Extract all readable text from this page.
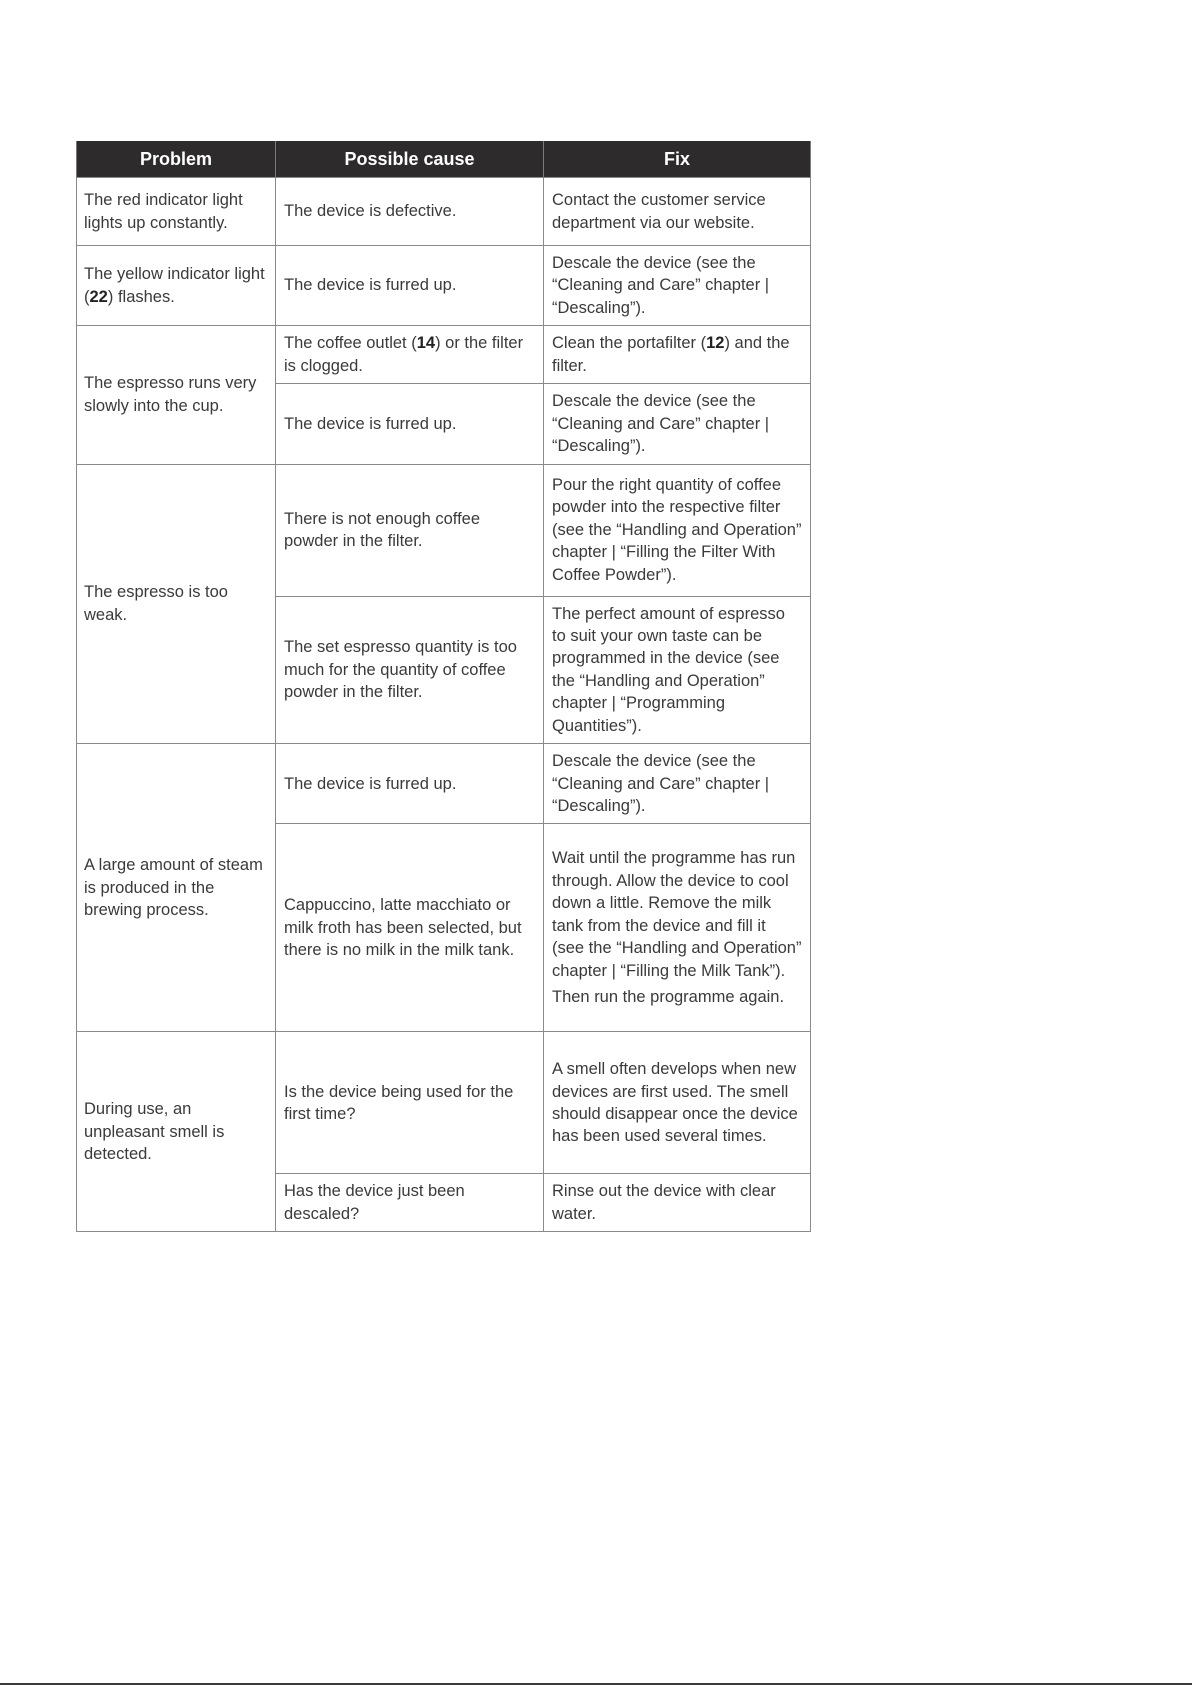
Problem	Possible cause	Fix
The red indicator light lights up constantly.	The device is defective.	Contact the customer service department via our website.

The yellow indicator light (22) flashes.	The device is furred up.	Descale the device (see the “Cleaning and Care” chapter | “Descaling”).

The espresso runs very slowly into the cup.	The coffee outlet (14) or the filter is clogged.	Clean the portafilter (12) and the filter.
	The device is furred up.	Descale the device (see the “Cleaning and Care” chapter | “Descaling”).

The espresso is too weak.	There is not enough coffee powder in the filter.	Pour the right quantity of coffee powder into the respective filter (see the “Handling and Operation” chapter | “Filling the Filter With Coffee Powder”).

	The set espresso quantity is too much for the quantity of coffee powder in the filter.	The perfect amount of espresso to suit your own taste can be programmed in the device (see the “Handling and Operation” chapter | “Programming Quantities”).

A large amount of steam is produced in the brewing process.	The device is furred up.	Descale the device (see the “Cleaning and Care” chapter | “Descaling”).

	Cappuccino, latte macchiato or milk froth has been selected, but there is no milk in the milk tank.	Wait until the programme has run through. Allow the device to cool down a little. Remove the milk tank from the device and fill it (see the “Handling and Operation” chapter | “Filling the Milk Tank”).
Then run the programme again.

During use, an unpleasant smell is detected.	Is the device being used for the first time?	A smell often develops when new devices are first used. The smell should disappear once the device has been used several times.

	Has the device just been descaled?	Rinse out the device with clear water.
